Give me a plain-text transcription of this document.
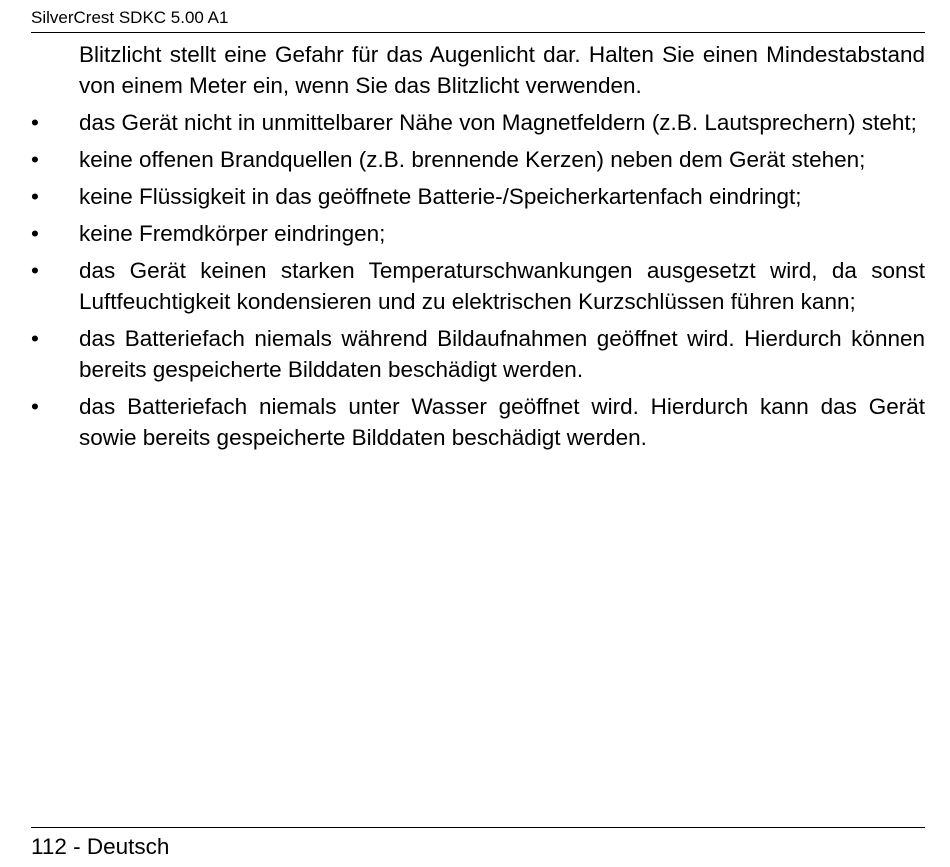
SilverCrest SDKC 5.00 A1

Blitzlicht stellt eine Gefahr für das Augenlicht dar. Halten Sie einen Mindestabstand von einem Meter ein, wenn Sie das Blitzlicht verwenden.

•	das Gerät nicht in unmittelbarer Nähe von Magnetfeldern (z.B. Lautsprechern) steht;
•	keine offenen Brandquellen (z.B. brennende Kerzen) neben dem Gerät stehen;
•	keine Flüssigkeit in das geöffnete Batterie-/Speicherkartenfach eindringt;
•	keine Fremdkörper eindringen;
•	das Gerät keinen starken Temperaturschwankungen ausgesetzt wird, da sonst Luftfeuchtigkeit kondensieren und zu elektrischen Kurzschlüssen führen kann;
•	das Batteriefach niemals während Bildaufnahmen geöffnet wird. Hierdurch können bereits gespeicherte Bilddaten beschädigt werden.
•	das Batteriefach niemals unter Wasser geöffnet wird. Hierdurch kann das Gerät sowie bereits gespeicherte Bilddaten beschädigt werden.
112 - Deutsch
